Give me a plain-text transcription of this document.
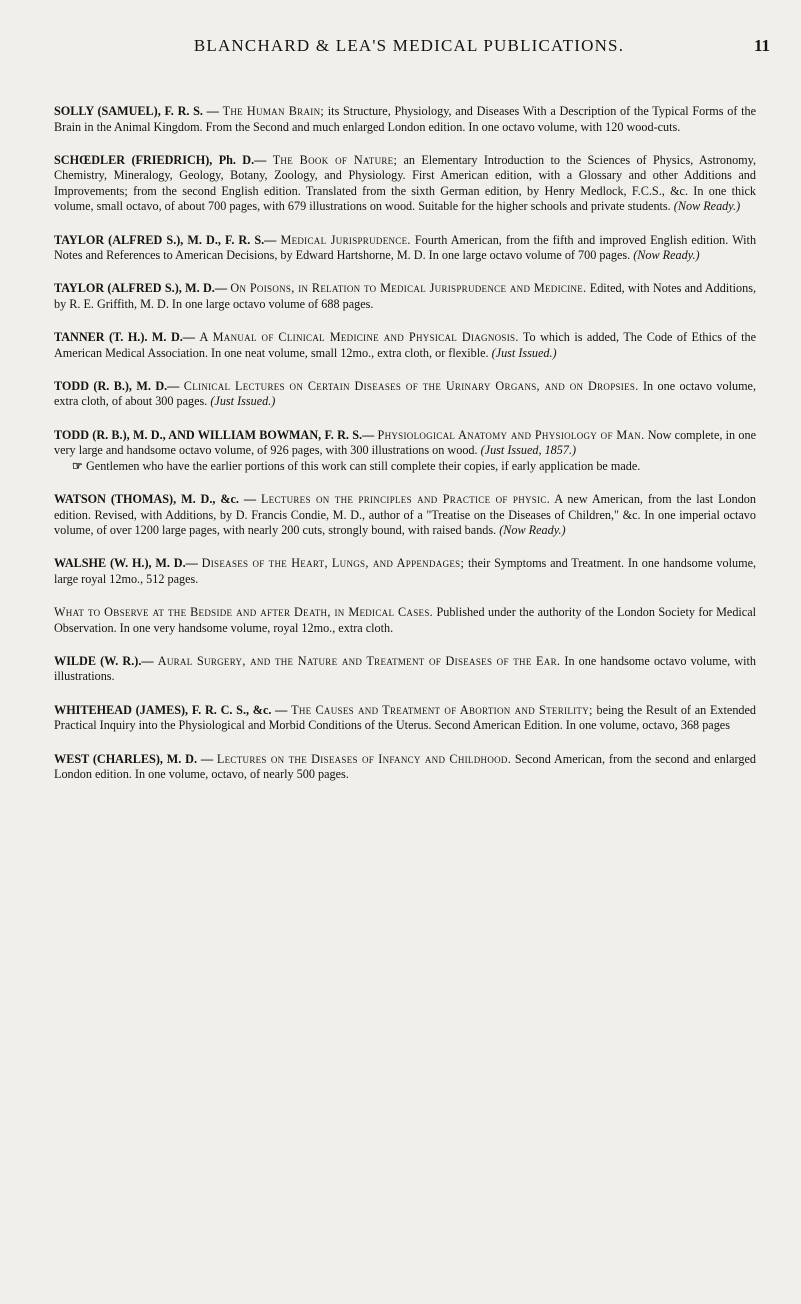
BLANCHARD & LEA'S MEDICAL PUBLICATIONS.	11

SOLLY (SAMUEL), F. R. S. — The Human Brain; its Structure, Physiology, and Diseases With a Description of the Typical Forms of the Brain in the Animal Kingdom. From the Second and much enlarged London edition. In one octavo volume, with 120 wood-cuts.

SCHŒDLER (FRIEDRICH), Ph. D.— The Book of Nature; an Elementary Introduction to the Sciences of Physics, Astronomy, Chemistry, Mineralogy, Geology, Botany, Zoology, and Physiology. First American edition, with a Glossary and other Additions and Improvements; from the second English edition. Translated from the sixth German edition, by Henry Medlock, F.C.S., &c. In one thick volume, small octavo, of about 700 pages, with 679 illustrations on wood. Suitable for the higher schools and private students. (Now Ready.)

TAYLOR (ALFRED S.), M. D., F. R. S.— Medical Jurisprudence. Fourth American, from the fifth and improved English edition. With Notes and References to American Decisions, by Edward Hartshorne, M. D. In one large octavo volume of 700 pages. (Now Ready.)

TAYLOR (ALFRED S.), M. D.— On Poisons, in Relation to Medical Jurisprudence and Medicine. Edited, with Notes and Additions, by R. E. Griffith, M. D. In one large octavo volume of 688 pages.

TANNER (T. H.). M. D.— A Manual of Clinical Medicine and Physical Diagnosis. To which is added, The Code of Ethics of the American Medical Association. In one neat volume, small 12mo., extra cloth, or flexible. (Just Issued.)

TODD (R. B.), M. D.— Clinical Lectures on Certain Diseases of the Urinary Organs, and on Dropsies. In one octavo volume, extra cloth, of about 300 pages. (Just Issued.)

TODD (R. B.), M. D., AND WILLIAM BOWMAN, F. R. S.— Physiological Anatomy and Physiology of Man. Now complete, in one very large and handsome octavo volume, of 926 pages, with 300 illustrations on wood. (Just Issued, 1857.)
☞ Gentlemen who have the earlier portions of this work can still complete their copies, if early application be made.

WATSON (THOMAS), M. D., &c. — Lectures on the principles and Practice of physic. A new American, from the last London edition. Revised, with Additions, by D. Francis Condie, M. D., author of a "Treatise on the Diseases of Children," &c. In one imperial octavo volume, of over 1200 large pages, with nearly 200 cuts, strongly bound, with raised bands. (Now Ready.)

WALSHE (W. H.), M. D.— Diseases of the Heart, Lungs, and Appendages; their Symptoms and Treatment. In one handsome volume, large royal 12mo., 512 pages.

What to Observe at the Bedside and after Death, in Medical Cases. Published under the authority of the London Society for Medical Observation. In one very handsome volume, royal 12mo., extra cloth.

WILDE (W. R.).— Aural Surgery, and the Nature and Treatment of Diseases of the Ear. In one handsome octavo volume, with illustrations.

WHITEHEAD (JAMES), F. R. C. S., &c. — The Causes and Treatment of Abortion and Sterility; being the Result of an Extended Practical Inquiry into the Physiological and Morbid Conditions of the Uterus. Second American Edition. In one volume, octavo, 368 pages

WEST (CHARLES), M. D. — Lectures on the Diseases of Infancy and Childhood. Second American, from the second and enlarged London edition. In one volume, octavo, of nearly 500 pages.
